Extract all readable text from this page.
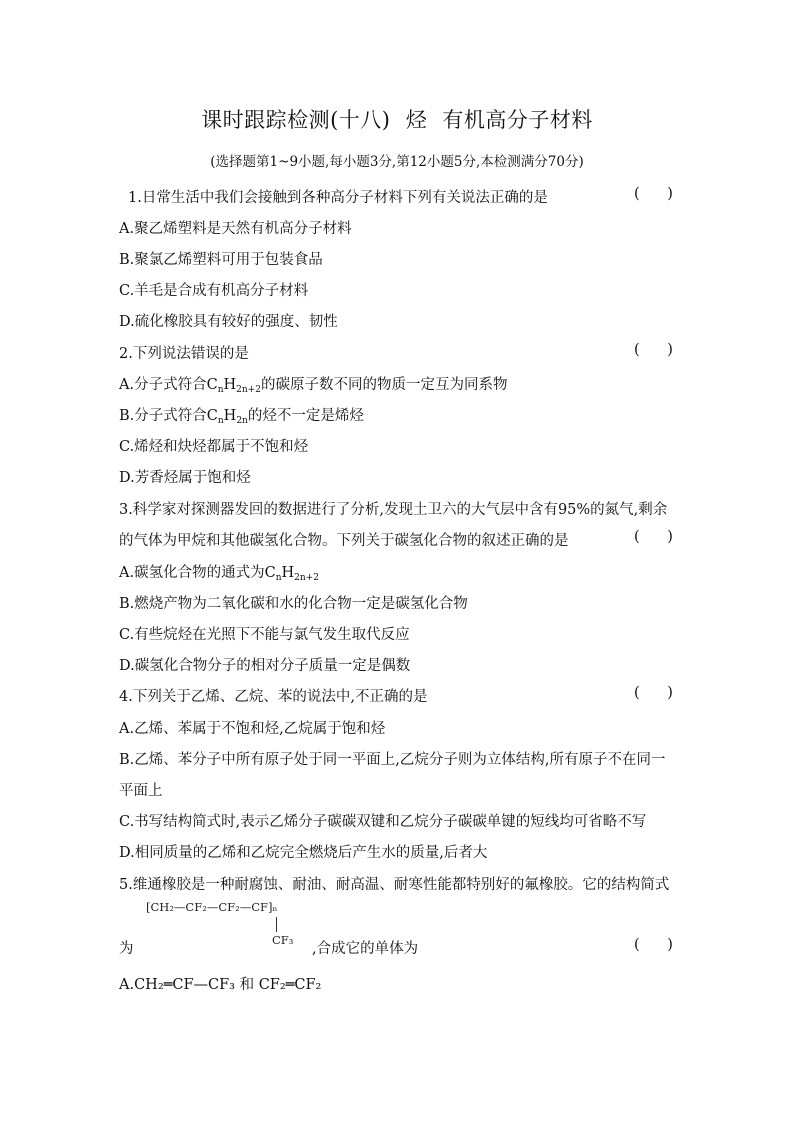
课时跟踪检测(十八) 烃 有机高分子材料
(选择题第1~9小题,每小题3分,第12小题5分,本检测满分70分)
1.日常生活中我们会接触到各种高分子材料下列有关说法正确的是	(      )
A.聚乙烯塑料是天然有机高分子材料
B.聚氯乙烯塑料可用于包装食品
C.羊毛是合成有机高分子材料
D.硫化橡胶具有较好的强度、韧性
2.下列说法错误的是	(      )
A.分子式符合$C_nH_{2n+2}$的碳原子数不同的物质一定互为同系物
B.分子式符合$C_nH_{2n}$的烃不一定是烯烃
C.烯烃和炔烃都属于不饱和烃
D.芳香烃属于饱和烃
3.科学家对探测器发回的数据进行了分析,发现土卫六的大气层中含有95%的氮气,剩余
的气体为甲烷和其他碳氢化合物。下列关于碳氢化合物的叙述正确的是	(      )
A.碳氢化合物的通式为$C_nH_{2n+2}$
B.燃烧产物为二氧化碳和水的化合物一定是碳氢化合物
C.有些烷烃在光照下不能与氯气发生取代反应
D.碳氢化合物分子的相对分子质量一定是偶数
4.下列关于乙烯、乙烷、苯的说法中,不正确的是	(      )
A.乙烯、苯属于不饱和烃,乙烷属于饱和烃
B.乙烯、苯分子中所有原子处于同一平面上,乙烷分子则为立体结构,所有原子不在同一
平面上
C.书写结构简式时,表示乙烯分子碳碳双键和乙烷分子碳碳单键的短线均可省略不写
D.相同质量的乙烯和乙烷完全燃烧后产生水的质量,后者大
5.维通橡胶是一种耐腐蚀、耐油、耐高温、耐寒性能都特别好的氟橡胶。它的结构简式
[CH₂—CF₂—CF₂—CF]ₙ
CF₃
为	,合成它的单体为	(      )
A.CH₂═CF—CF₃ 和 CF₂═CF₂
